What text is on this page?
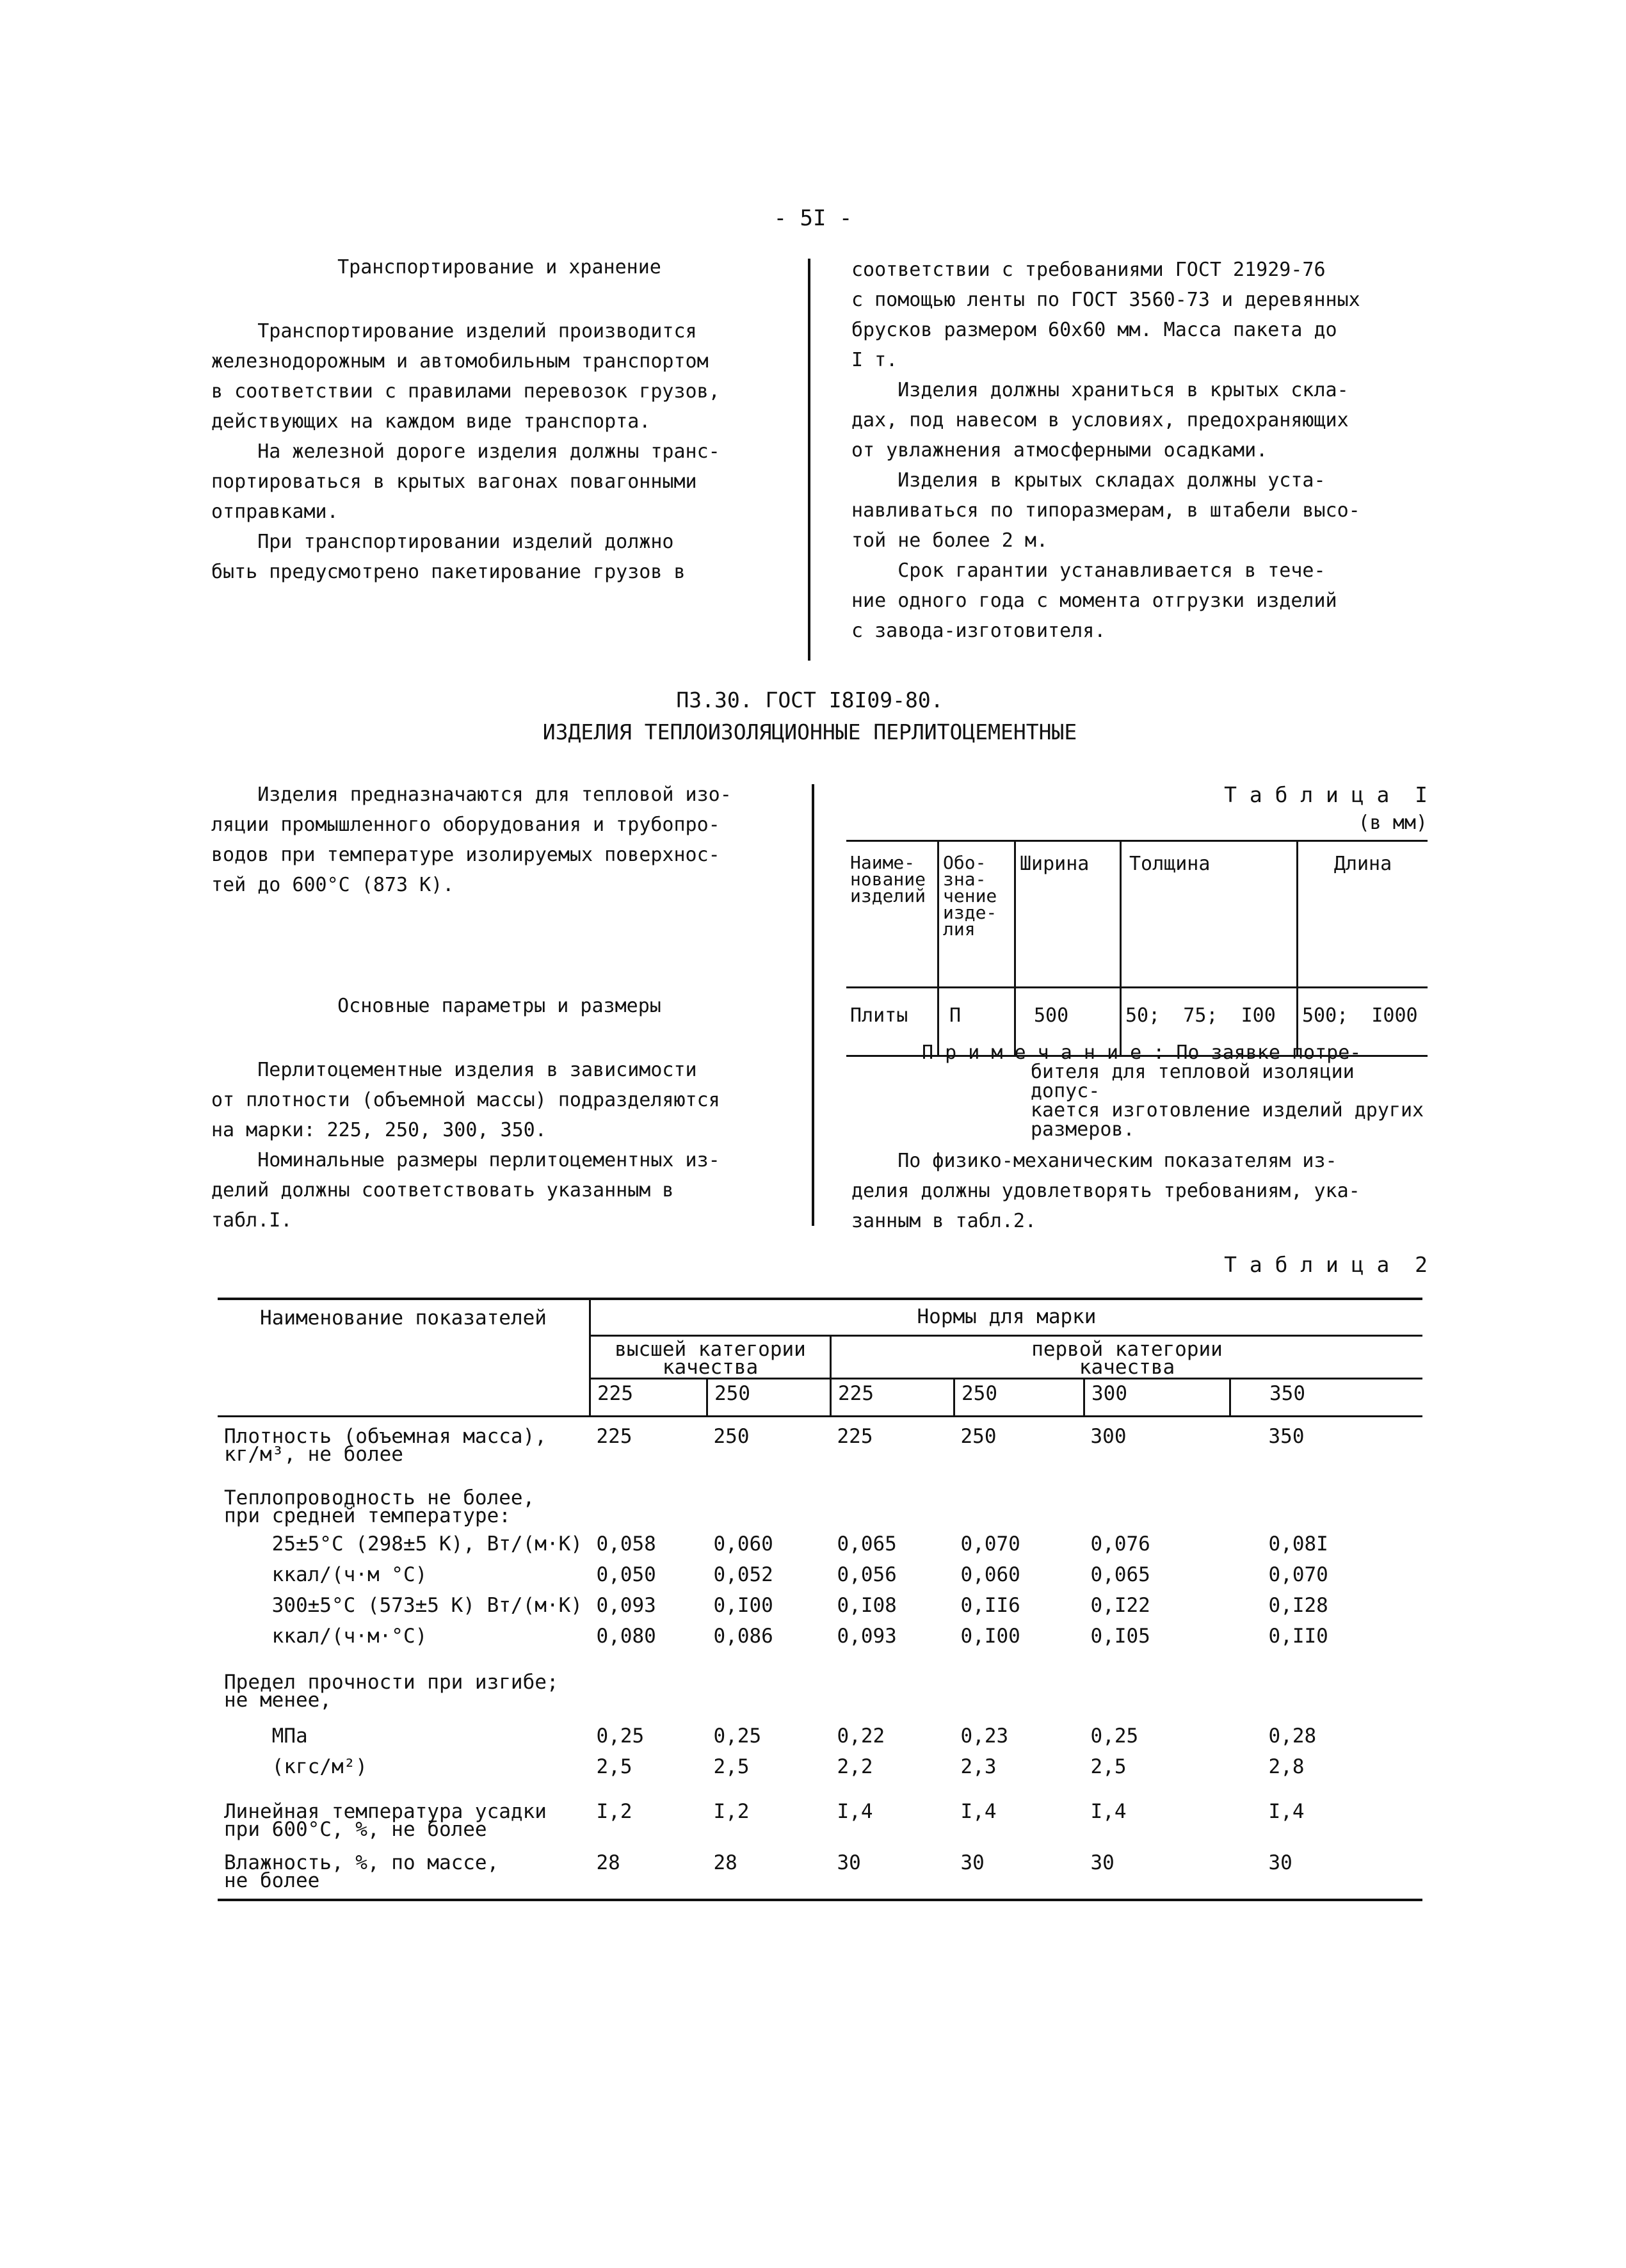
- 5I -
Транспортирование и хранение
Транспортирование изделий производится
железнодорожным и автомобильным транспортом
в соответствии с правилами перевозок грузов,
действующих на каждом виде транспорта.
На железной дороге изделия должны транс-
портироваться в крытых вагонах повагонными
отправками.
При транспортировании изделий должно
быть предусмотрено пакетирование грузов в
соответствии с требованиями ГОСТ 21929-76
с помощью ленты по ГОСТ 3560-73 и деревянных
брусков размером 60x60 мм. Масса пакета до
I т.
Изделия должны храниться в крытых скла-
дах, под навесом в условиях, предохраняющих
от увлажнения атмосферными осадками.
Изделия в крытых складах должны уста-
навливаться по типоразмерам, в штабели высо-
той не более 2 м.
Срок гарантии устанавливается в тече-
ние одного года с момента отгрузки изделий
с завода-изготовителя.
ПЗ.30. ГОСТ I8I09-80.
ИЗДЕЛИЯ ТЕПЛОИЗОЛЯЦИОННЫЕ ПЕРЛИТОЦЕМЕНТНЫЕ
Изделия предназначаются для тепловой изо-
ляции промышленного оборудования и трубопро-
водов при температуре изолируемых поверхнос-
тей до 600°С (873 К).
Основные параметры и размеры
Перлитоцементные изделия в зависимости
от плотности (объемной массы) подразделяются
на марки: 225, 250, 300, 350.
Номинальные размеры перлитоцементных из-
делий должны соответствовать указанным в
табл.I.
Т а б л и ц а  I
(в мм)
Наиме-
нование
изделий	Обо-
зна-
чение
изде-
лия	Ширина	Толщина	Длина
Плиты	П	500	50;  75;  I00	500;  I000
П р и м е ч а н и е : По заявке потре-
бителя для тепловой изоляции допус-
кается изготовление изделий других
размеров.
По физико-механическим показателям из-
делия должны удовлетворять требованиям, ука-
занным в табл.2.
Т а б л и ц а  2
Наименование показателей	Нормы для марки					
	высшей категории
качества		первой категории
качества			
	225	250	225	250	300	350
Плотность (объемная масса),
кг/м³, не более	225	250	225	250	300	350
Теплопроводность не более,
при средней температуре:						
25±5°С (298±5 К), Вт/(м·К)	0,058	0,060	0,065	0,070	0,076	0,08I
ккал/(ч·м °С)	0,050	0,052	0,056	0,060	0,065	0,070
300±5°С (573±5 К) Вт/(м·К)	0,093	0,I00	0,I08	0,II6	0,I22	0,I28
ккал/(ч·м·°С)	0,080	0,086	0,093	0,I00	0,I05	0,II0
Предел прочности при изгибе;
не менее,						
МПа	0,25	0,25	0,22	0,23	0,25	0,28
(кгс/м²)	2,5	2,5	2,2	2,3	2,5	2,8
Линейная температура усадки
при 600°С, %, не более	I,2	I,2	I,4	I,4	I,4	I,4
Влажность, %, по массе,
не более	28	28	30	30	30	30
